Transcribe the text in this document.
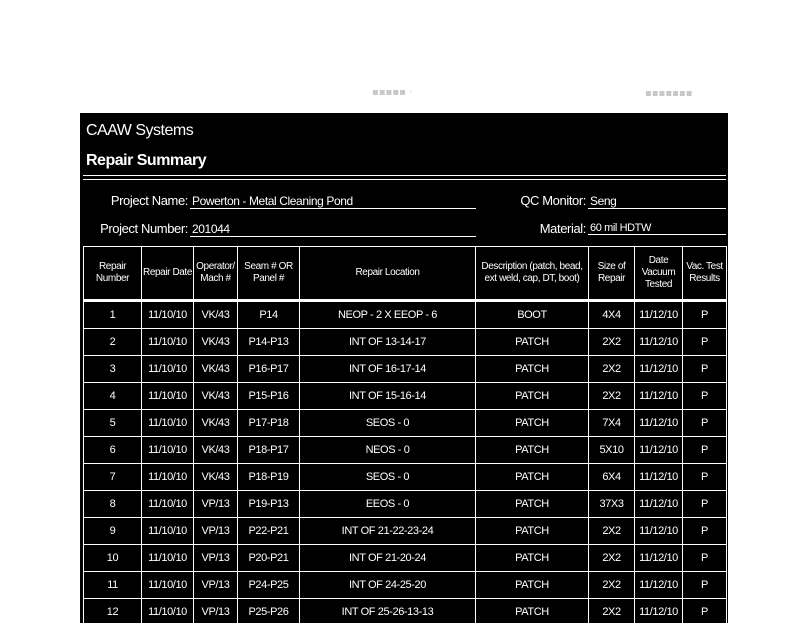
▪▪▪▪▪ ·	▪▪▪▪▪▪▪
CAAW Systems
Repair Summary
Project Name: Powerton - Metal Cleaning Pond	QC Monitor: Seng
Project Number: 201044	Material: 60 mil HDTW
Repair Number	Repair Date	Operator/ Mach #	Seam # OR Panel #	Repair Location	Description (patch, bead, ext weld, cap, DT, boot)	Size of Repair	Date Vacuum Tested	Vac. Test Results
1	11/10/10	VK/43	P14	NEOP - 2 X EEOP - 6	BOOT	4X4	11/12/10	P
2	11/10/10	VK/43	P14-P13	INT OF 13-14-17	PATCH	2X2	11/12/10	P
3	11/10/10	VK/43	P16-P17	INT OF 16-17-14	PATCH	2X2	11/12/10	P
4	11/10/10	VK/43	P15-P16	INT OF 15-16-14	PATCH	2X2	11/12/10	P
5	11/10/10	VK/43	P17-P18	SEOS - 0	PATCH	7X4	11/12/10	P
6	11/10/10	VK/43	P18-P17	NEOS - 0	PATCH	5X10	11/12/10	P
7	11/10/10	VK/43	P18-P19	SEOS - 0	PATCH	6X4	11/12/10	P
8	11/10/10	VP/13	P19-P13	EEOS - 0	PATCH	37X3	11/12/10	P
9	11/10/10	VP/13	P22-P21	INT OF 21-22-23-24	PATCH	2X2	11/12/10	P
10	11/10/10	VP/13	P20-P21	INT OF 21-20-24	PATCH	2X2	11/12/10	P
11	11/10/10	VP/13	P24-P25	INT OF 24-25-20	PATCH	2X2	11/12/10	P
12	11/10/10	VP/13	P25-P26	INT OF 25-26-13-13	PATCH	2X2	11/12/10	P
